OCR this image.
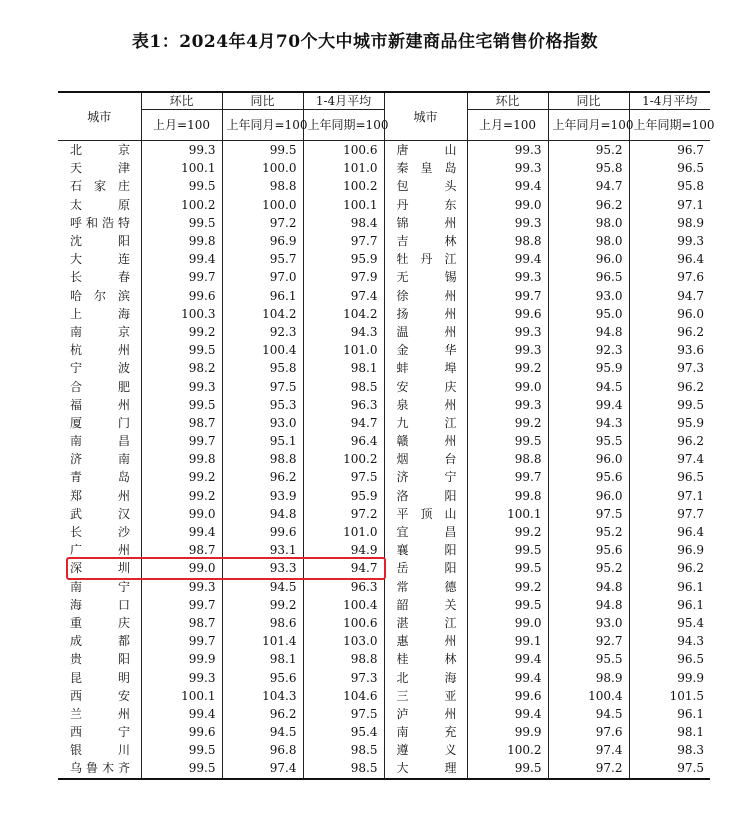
表1：2024年4月70个大中城市新建商品住宅销售价格指数
城市	环比	同比	1-4月平均	城市	环比	同比	1-4月平均
	上月=100	上年同月=100	上年同期=100		上月=100	上年同月=100	上年同期=100
北　京	99.3	99.5	100.6	唐　山	99.3	95.2	96.7
天　津	100.1	100.0	101.0	秦皇岛	99.3	95.8	96.5
石家庄	99.5	98.8	100.2	包　头	99.4	94.7	95.8
太　原	100.2	100.0	100.1	丹　东	99.0	96.2	97.1
呼和浩特	99.5	97.2	98.4	锦　州	99.3	98.0	98.9
沈　阳	99.8	96.9	97.7	吉　林	98.8	98.0	99.3
大　连	99.4	95.7	95.9	牡丹江	99.4	96.0	96.4
长　春	99.7	97.0	97.9	无　锡	99.3	96.5	97.6
哈尔滨	99.6	96.1	97.4	徐　州	99.7	93.0	94.7
上　海	100.3	104.2	104.2	扬　州	99.6	95.0	96.0
南　京	99.2	92.3	94.3	温　州	99.3	94.8	96.2
杭　州	99.5	100.4	101.0	金　华	99.3	92.3	93.6
宁　波	98.2	95.8	98.1	蚌　埠	99.2	95.9	97.3
合　肥	99.3	97.5	98.5	安　庆	99.0	94.5	96.2
福　州	99.5	95.3	96.3	泉　州	99.3	99.4	99.5
厦　门	98.7	93.0	94.7	九　江	99.2	94.3	95.9
南　昌	99.7	95.1	96.4	赣　州	99.5	95.5	96.2
济　南	99.8	98.8	100.2	烟　台	98.8	96.0	97.4
青　岛	99.2	96.2	97.5	济　宁	99.7	95.6	96.5
郑　州	99.2	93.9	95.9	洛　阳	99.8	96.0	97.1
武　汉	99.0	94.8	97.2	平顶山	100.1	97.5	97.7
长　沙	99.4	99.6	101.0	宜　昌	99.2	95.2	96.4
广　州	98.7	93.1	94.9	襄　阳	99.5	95.6	96.9
深　圳	99.0	93.3	94.7	岳　阳	99.5	95.2	96.2
南　宁	99.3	94.5	96.3	常　德	99.2	94.8	96.1
海　口	99.7	99.2	100.4	韶　关	99.5	94.8	96.1
重　庆	98.7	98.6	100.6	湛　江	99.0	93.0	95.4
成　都	99.7	101.4	103.0	惠　州	99.1	92.7	94.3
贵　阳	99.9	98.1	98.8	桂　林	99.4	95.5	96.5
昆　明	99.3	95.6	97.3	北　海	99.4	98.9	99.9
西　安	100.1	104.3	104.6	三　亚	99.6	100.4	101.5
兰　州	99.4	96.2	97.5	泸　州	99.4	94.5	96.1
西　宁	99.6	94.5	95.4	南　充	99.9	97.6	98.1
银　川	99.5	96.8	98.5	遵　义	100.2	97.4	98.3
乌鲁木齐	99.5	97.4	98.5	大　理	99.5	97.2	97.5
